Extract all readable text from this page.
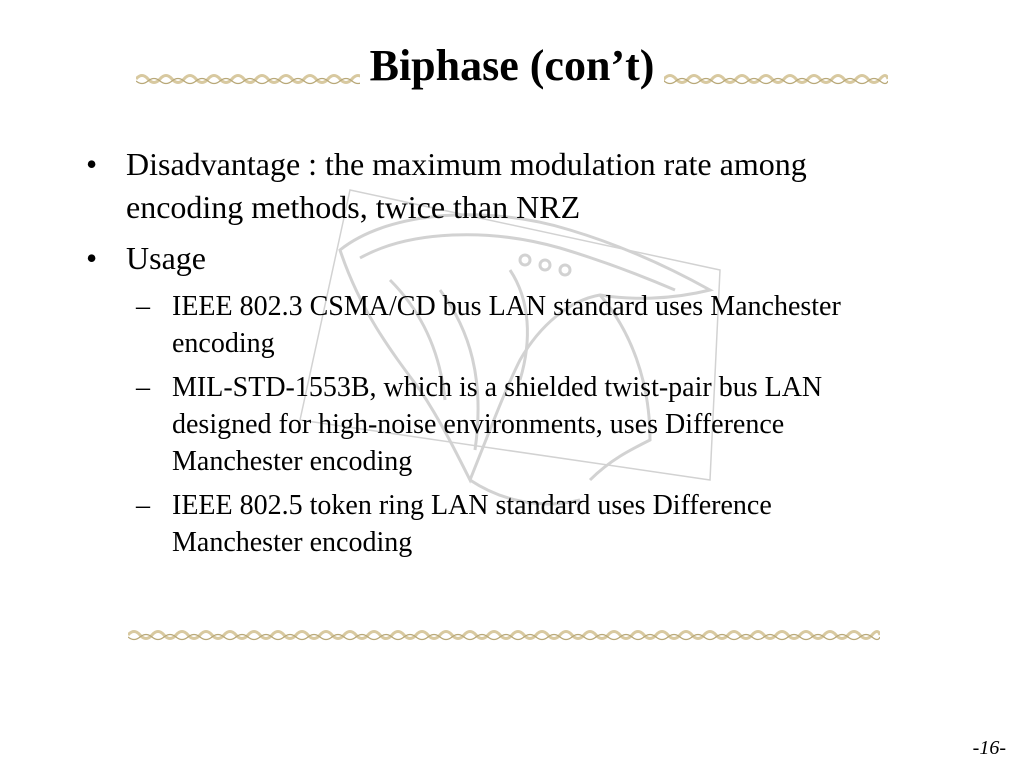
Biphase (con’t)
• Disadvantage : the maximum modulation rate among encoding methods, twice than NRZ
• Usage
– IEEE 802.3 CSMA/CD bus LAN standard uses Manchester encoding
– MIL-STD-1553B, which is a shielded twist-pair bus LAN designed for high-noise environments, uses Difference Manchester encoding
– IEEE 802.5 token ring LAN standard uses Difference Manchester encoding
-16-
